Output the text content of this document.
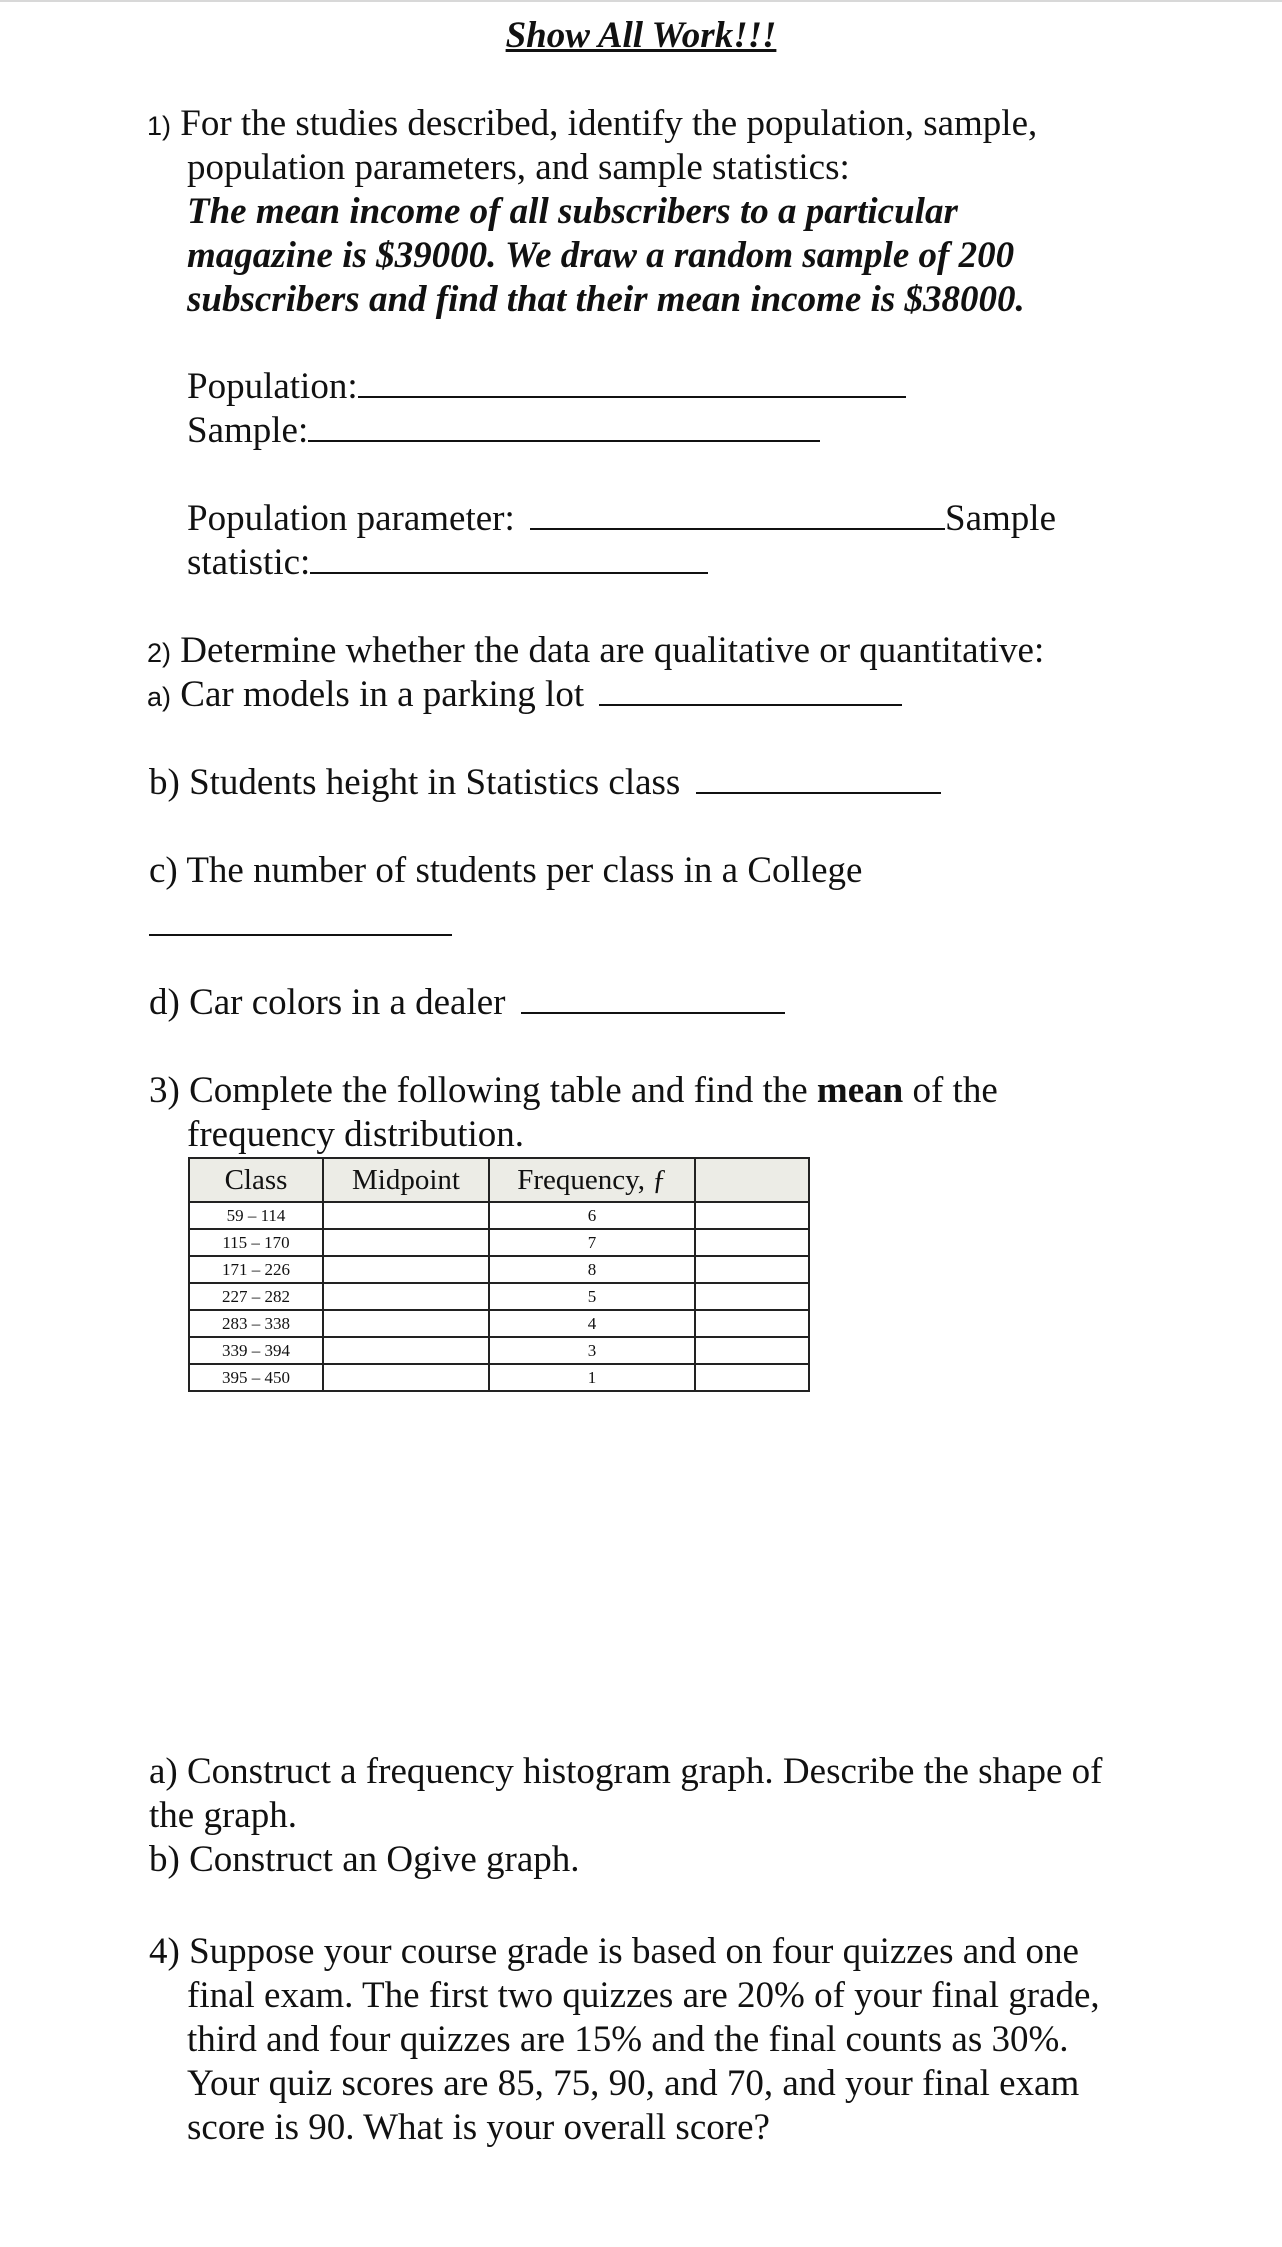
Show All Work!!!
1) For the studies described, identify the population, sample,
population parameters, and sample statistics:
The mean income of all subscribers to a particular
magazine is $39000. We draw a random sample of 200
subscribers and find that their mean income is $38000.
Population:
Sample:
Population parameter:	Sample
statistic:
2) Determine whether the data are qualitative or quantitative:
a) Car models in a parking lot
b) Students height in Statistics class
c) The number of students per class in a College
d) Car colors in a dealer
3) Complete the following table and find the mean of the
frequency distribution.
Class	Midpoint	Frequency, ƒ	
59 – 114		6	
115 – 170		7	
171 – 226		8	
227 – 282		5	
283 – 338		4	
339 – 394		3	
395 – 450		1	
a) Construct a frequency histogram graph. Describe the shape of
the graph.
b) Construct an Ogive graph.
4) Suppose your course grade is based on four quizzes and one
final exam. The first two quizzes are 20% of your final grade,
third and four quizzes are 15% and the final counts as 30%.
Your quiz scores are 85, 75, 90, and 70, and your final exam
score is 90. What is your overall score?
